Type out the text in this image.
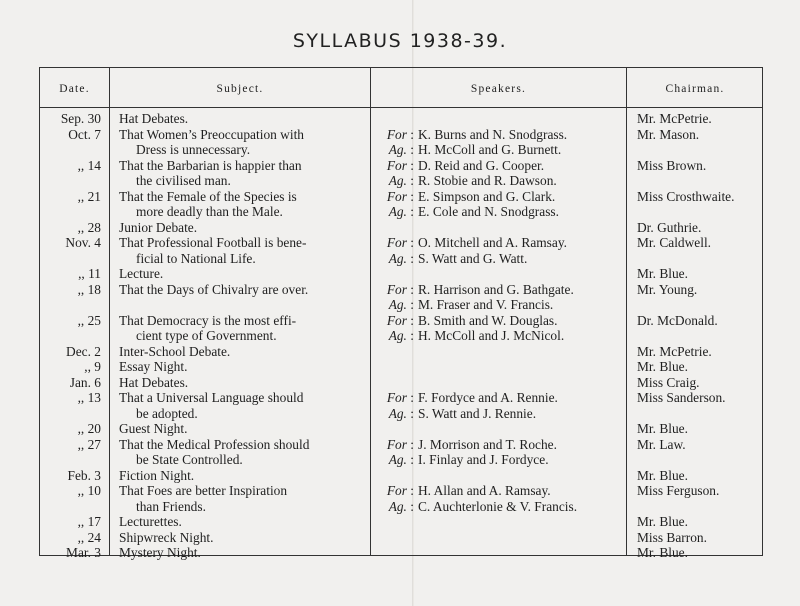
SYLLABUS 1938-39.
Date.	Subject.	Speakers.	Chairman.
Sep. 30 Hat Debates.	Mr. McPetrie.
Oct. 7 That Women’s Preoccupation with	For : K. Burns and N. Snodgrass.	Mr. Mason.
Dress is unnecessary.	Ag. : H. McColl and G. Burnett.
,, 14 That the Barbarian is happier than	For : D. Reid and G. Cooper.	Miss Brown.
the civilised man.	Ag. : R. Stobie and R. Dawson.
,, 21 That the Female of the Species is	For : E. Simpson and G. Clark.	Miss Crosthwaite.
more deadly than the Male.	Ag. : E. Cole and N. Snodgrass.
,, 28 Junior Debate.	Dr. Guthrie.
Nov. 4 That Professional Football is bene-	For : O. Mitchell and A. Ramsay.	Mr. Caldwell.
ficial to National Life.	Ag. : S. Watt and G. Watt.
,, 11 Lecture.	Mr. Blue.
,, 18 That the Days of Chivalry are over.	For : R. Harrison and G. Bathgate.	Mr. Young.
Ag. : M. Fraser and V. Francis.
,, 25 That Democracy is the most effi-	For : B. Smith and W. Douglas.	Dr. McDonald.
cient type of Government.	Ag. : H. McColl and J. McNicol.
Dec. 2 Inter-School Debate.	Mr. McPetrie.
,, 9 Essay Night.	Mr. Blue.
Jan. 6 Hat Debates.	Miss Craig.
,, 13 That a Universal Language should	For : F. Fordyce and A. Rennie.	Miss Sanderson.
be adopted.	Ag. : S. Watt and J. Rennie.
,, 20 Guest Night.	Mr. Blue.
,, 27 That the Medical Profession should	For : J. Morrison and T. Roche.	Mr. Law.
be State Controlled.	Ag. : I. Finlay and J. Fordyce.
Feb. 3 Fiction Night.	Mr. Blue.
,, 10 That Foes are better Inspiration	For : H. Allan and A. Ramsay.	Miss Ferguson.
than Friends.	Ag. : C. Auchterlonie & V. Francis.
,, 17 Lecturettes.	Mr. Blue.
,, 24 Shipwreck Night.	Miss Barron.
Mar. 3 Mystery Night.	Mr. Blue.
